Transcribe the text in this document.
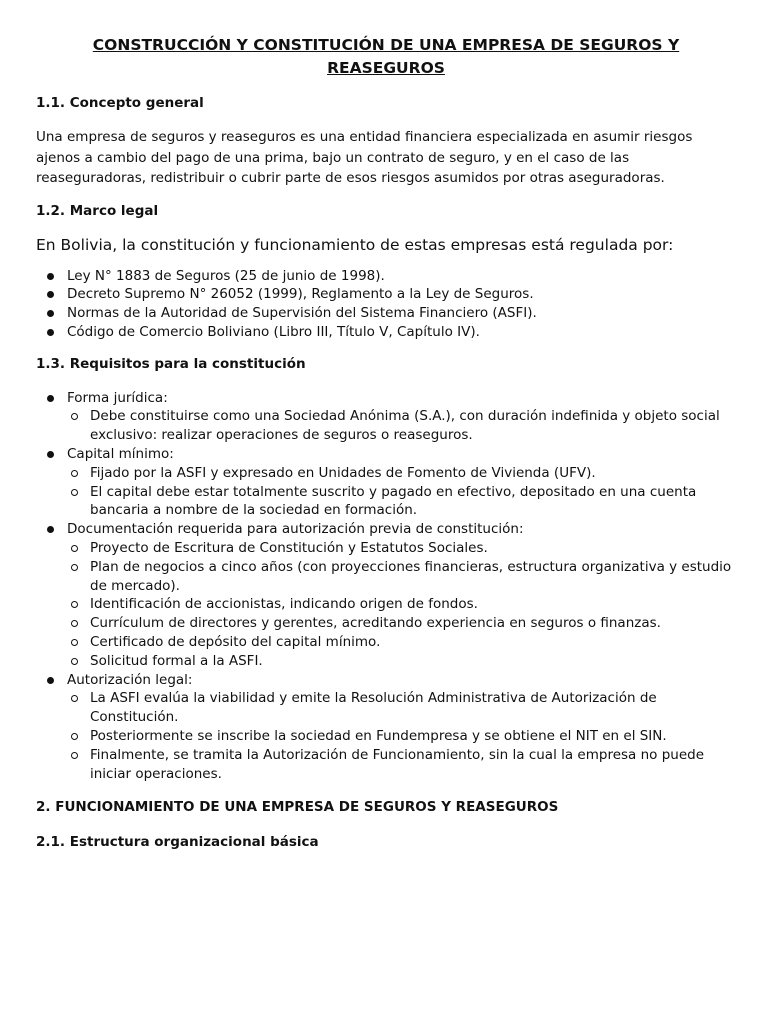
CONSTRUCCIÓN Y CONSTITUCIÓN DE UNA EMPRESA DE SEGUROS Y REASEGUROS
1.1. Concepto general

Una empresa de seguros y reaseguros es una entidad financiera especializada en asumir riesgos ajenos a cambio del pago de una prima, bajo un contrato de seguro, y en el caso de las reaseguradoras, redistribuir o cubrir parte de esos riesgos asumidos por otras aseguradoras.

1.2. Marco legal

En Bolivia, la constitución y funcionamiento de estas empresas está regulada por:

Ley N° 1883 de Seguros (25 de junio de 1998).
Decreto Supremo N° 26052 (1999), Reglamento a la Ley de Seguros.
Normas de la Autoridad de Supervisión del Sistema Financiero (ASFI).
Código de Comercio Boliviano (Libro III, Título V, Capítulo IV).
1.3. Requisitos para la constitución
Forma jurídica:
Debe constituirse como una Sociedad Anónima (S.A.), con duración indefinida y objeto social exclusivo: realizar operaciones de seguros o reaseguros.
Capital mínimo:
Fijado por la ASFI y expresado en Unidades de Fomento de Vivienda (UFV).
El capital debe estar totalmente suscrito y pagado en efectivo, depositado en una cuenta bancaria a nombre de la sociedad en formación.
Documentación requerida para autorización previa de constitución:
Proyecto de Escritura de Constitución y Estatutos Sociales.
Plan de negocios a cinco años (con proyecciones financieras, estructura organizativa y estudio de mercado).
Identificación de accionistas, indicando origen de fondos.
Currículum de directores y gerentes, acreditando experiencia en seguros o finanzas.
Certificado de depósito del capital mínimo.
Solicitud formal a la ASFI.
Autorización legal:
La ASFI evalúa la viabilidad y emite la Resolución Administrativa de Autorización de Constitución.
Posteriormente se inscribe la sociedad en Fundempresa y se obtiene el NIT en el SIN.
Finalmente, se tramita la Autorización de Funcionamiento, sin la cual la empresa no puede iniciar operaciones.
2. FUNCIONAMIENTO DE UNA EMPRESA DE SEGUROS Y REASEGUROS
2.1. Estructura organizacional básica
